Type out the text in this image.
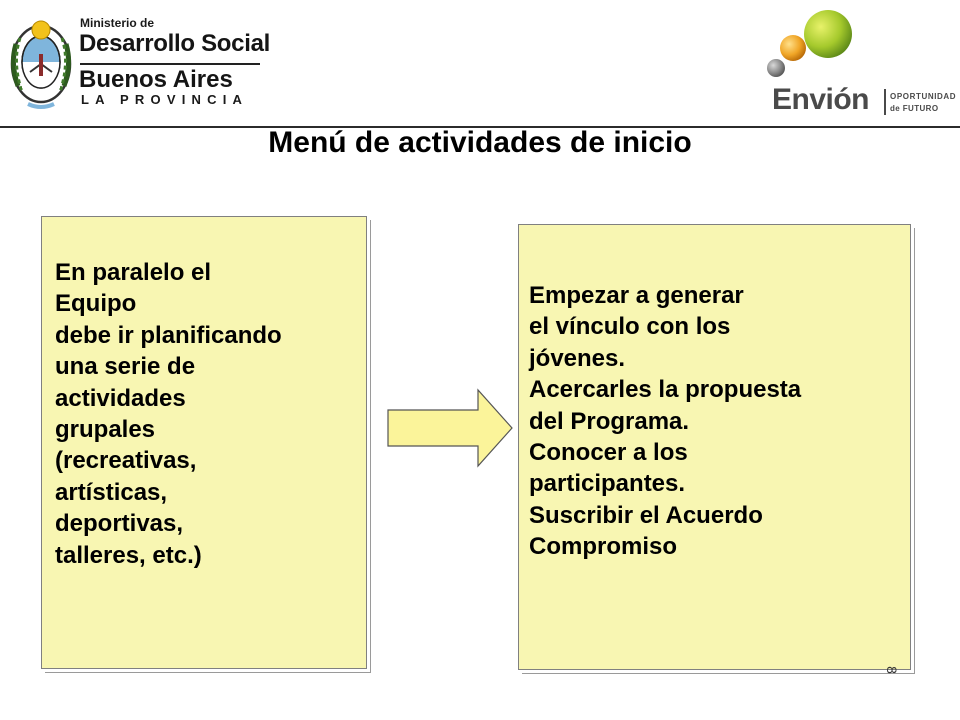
Ministerio de
Desarrollo Social
Buenos Aires
LA PROVINCIA	Envión	OPORTUNIDAD
de FUTURO
Menú de actividades de inicio
En paralelo el
Equipo
debe ir planificando
una serie de
actividades
grupales
(recreativas,
artísticas,
deportivas,
talleres, etc.)
Empezar a generar
el vínculo con los
jóvenes.
Acercarles la propuesta
del Programa.
Conocer a los
participantes.
Suscribir el Acuerdo
Compromiso
8
